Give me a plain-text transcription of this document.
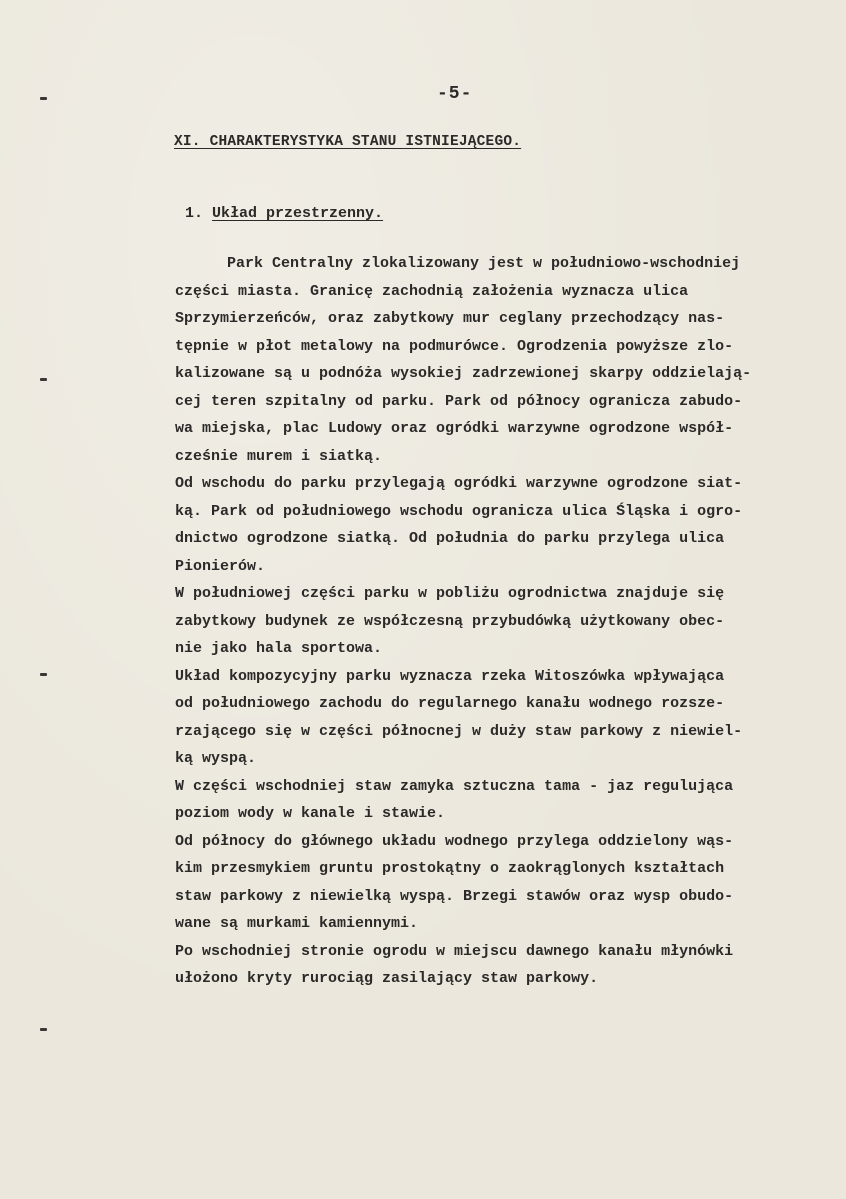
-5-
XI. CHARAKTERYSTYKA STANU ISTNIEJĄCEGO.
1. Układ przestrzenny.
Park Centralny zlokalizowany jest w południowo-wschodniej
części miasta. Granicę zachodnią założenia wyznacza ulica
Sprzymierzeńców, oraz zabytkowy mur ceglany przechodzący nas-
tępnie w płot metalowy na podmurówce. Ogrodzenia powyższe zlo-
kalizowane są u podnóża wysokiej zadrzewionej skarpy oddzielają-
cej teren szpitalny od parku. Park od północy ogranicza zabudo-
wa miejska, plac Ludowy oraz ogródki warzywne ogrodzone współ-
cześnie murem i siatką.
Od wschodu do parku przylegają ogródki warzywne ogrodzone siat-
ką. Park od południowego wschodu ogranicza ulica Śląska i ogro-
dnictwo ogrodzone siatką. Od południa do parku przylega ulica
Pionierów.
W południowej części parku w pobliżu ogrodnictwa znajduje się
zabytkowy budynek ze współczesną przybudówką użytkowany obec-
nie jako hala sportowa.
Układ kompozycyjny parku wyznacza rzeka Witoszówka wpływająca
od południowego zachodu do regularnego kanału wodnego rozsze-
rzającego się w części północnej w duży staw parkowy z niewiel-
ką wyspą.
W części wschodniej staw zamyka sztuczna tama - jaz regulująca
poziom wody w kanale i stawie.
Od północy do głównego układu wodnego przylega oddzielony wąs-
kim przesmykiem gruntu prostokątny o zaokrąglonych kształtach
staw parkowy z niewielką wyspą. Brzegi stawów oraz wysp obudo-
wane są murkami kamiennymi.
Po wschodniej stronie ogrodu w miejscu dawnego kanału młynówki
ułożono kryty rurociąg zasilający staw parkowy.
